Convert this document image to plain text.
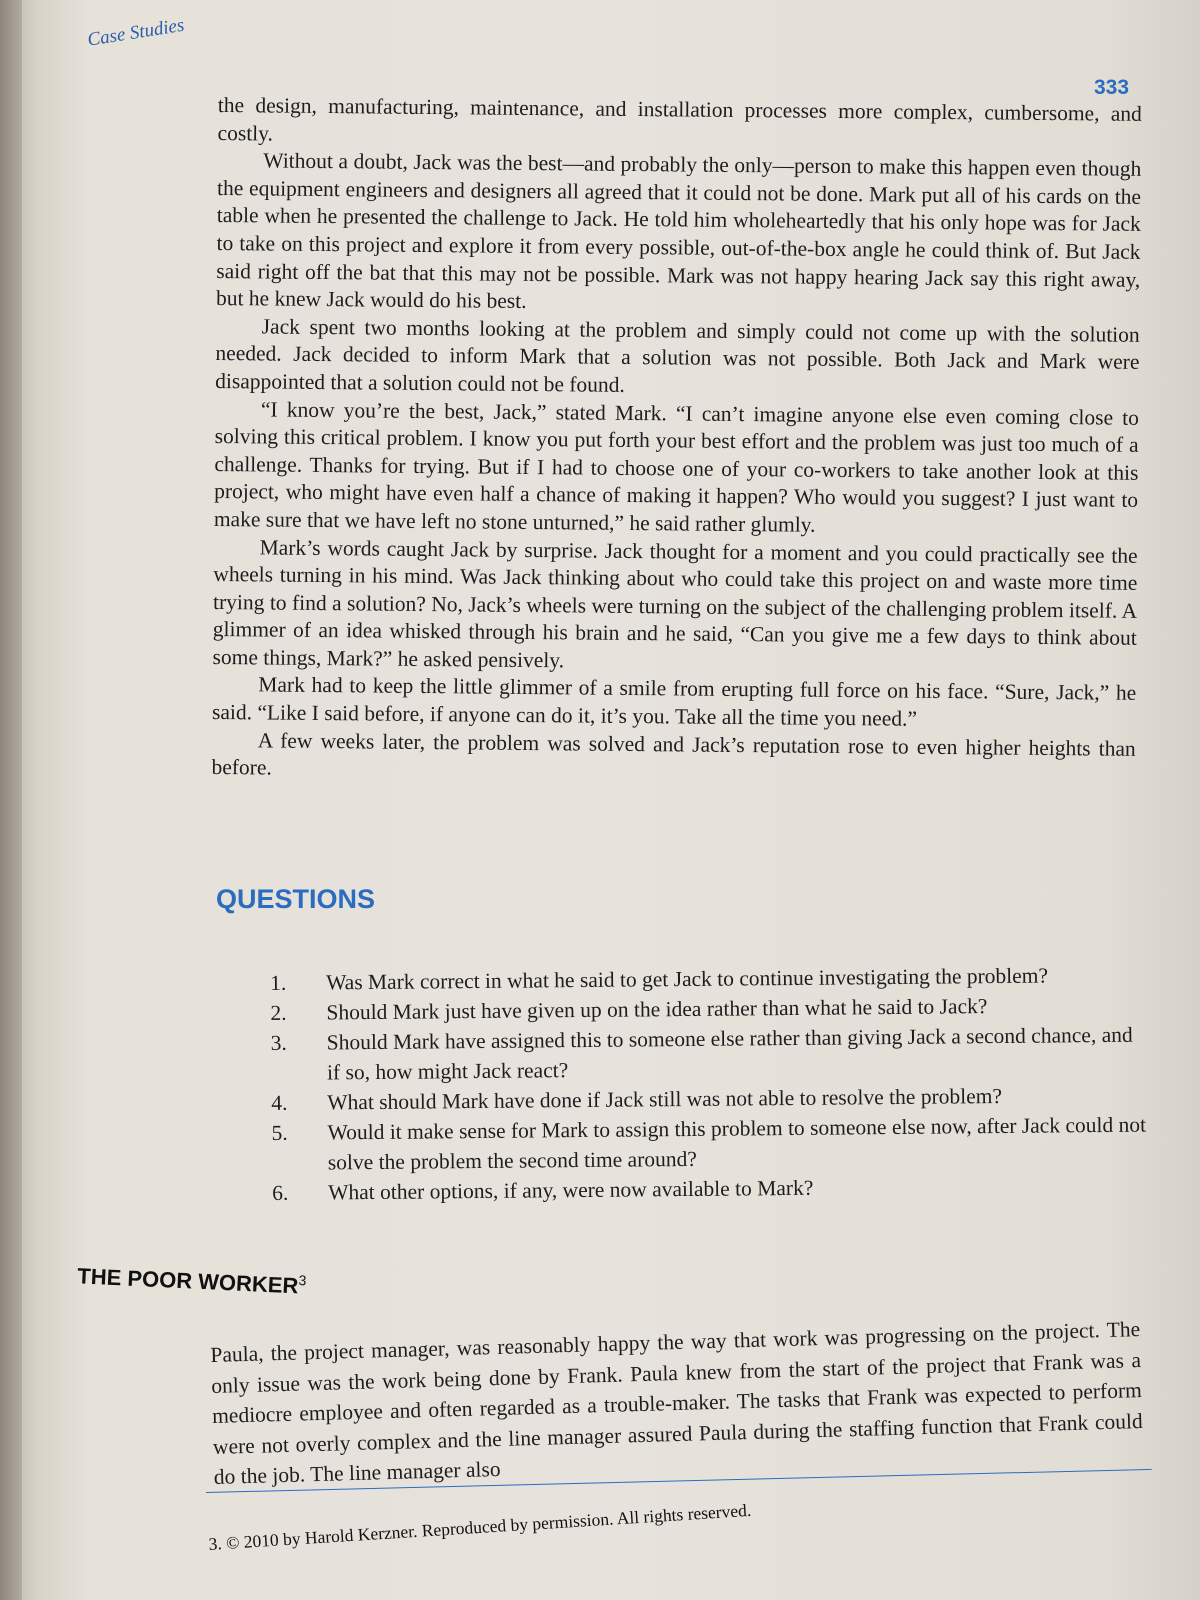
Case Studies
333

the design, manufacturing, maintenance, and installation processes more complex, cumbersome, and costly.

Without a doubt, Jack was the best—and probably the only—person to make this happen even though the equipment engineers and designers all agreed that it could not be done. Mark put all of his cards on the table when he presented the challenge to Jack. He told him wholeheartedly that his only hope was for Jack to take on this project and explore it from every possible, out-of-the-box angle he could think of. But Jack said right off the bat that this may not be possible. Mark was not happy hearing Jack say this right away, but he knew Jack would do his best.

Jack spent two months looking at the problem and simply could not come up with the solution needed. Jack decided to inform Mark that a solution was not possible. Both Jack and Mark were disappointed that a solution could not be found.

“I know you’re the best, Jack,” stated Mark. “I can’t imagine anyone else even coming close to solving this critical problem. I know you put forth your best effort and the problem was just too much of a challenge. Thanks for trying. But if I had to choose one of your co-workers to take another look at this project, who might have even half a chance of making it happen? Who would you suggest? I just want to make sure that we have left no stone unturned,” he said rather glumly.

Mark’s words caught Jack by surprise. Jack thought for a moment and you could practically see the wheels turning in his mind. Was Jack thinking about who could take this project on and waste more time trying to find a solution? No, Jack’s wheels were turning on the subject of the challenging problem itself. A glimmer of an idea whisked through his brain and he said, “Can you give me a few days to think about some things, Mark?” he asked pensively.

Mark had to keep the little glimmer of a smile from erupting full force on his face. “Sure, Jack,” he said. “Like I said before, if anyone can do it, it’s you. Take all the time you need.”

A few weeks later, the problem was solved and Jack’s reputation rose to even higher heights than before.

QUESTIONS
1.	Was Mark correct in what he said to get Jack to continue investigating the problem?
2.	Should Mark just have given up on the idea rather than what he said to Jack?
3.	Should Mark have assigned this to someone else rather than giving Jack a second chance, and if so, how might Jack react?
4.	What should Mark have done if Jack still was not able to resolve the problem?
5.	Would it make sense for Mark to assign this problem to someone else now, after Jack could not solve the problem the second time around?
6.	What other options, if any, were now available to Mark?
THE POOR WORKER$^3$
Paula, the project manager, was reasonably happy the way that work was progressing on the project. The only issue was the work being done by Frank. Paula knew from the start of the project that Frank was a mediocre employee and often regarded as a trouble-maker. The tasks that Frank was expected to perform were not overly complex and the line manager assured Paula during the staffing function that Frank could do the job. The line manager also
3. © 2010 by Harold Kerzner. Reproduced by permission. All rights reserved.
